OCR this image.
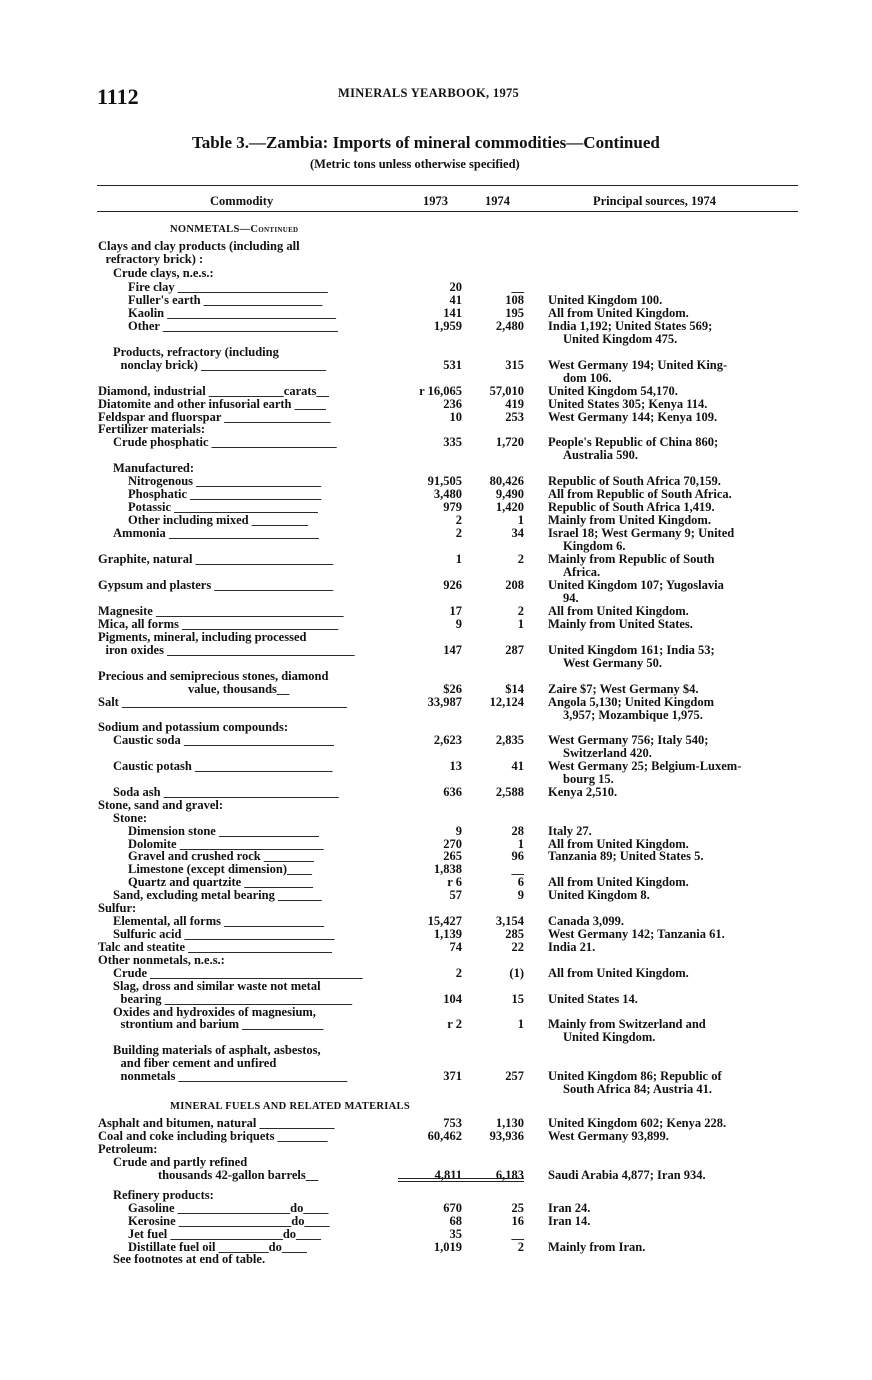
1112	MINERALS YEARBOOK, 1975
Table 3.—Zambia: Imports of mineral commodities—Continued
(Metric tons unless otherwise specified)
Commodity	1973	1974	Principal sources, 1974
NONMETALS—Continued
Clays and clay products (including all
refractory brick) :
Crude clays, n.e.s.:
Fire clay ________________________	20	__
Fuller's earth ___________________	41	108 United Kingdom 100.
Kaolin ___________________________	141	195 All from United Kingdom.
Other ____________________________	1,959	2,480 India 1,192; United States 569;
United Kingdom 475.
Products, refractory (including
nonclay brick) ____________________	531	315 West Germany 194; United King-
dom 106.
Diamond, industrial ____________carats__	r 16,065 57,010 United Kingdom 54,170.
Diatomite and other infusorial earth _____	236	419 United States 305; Kenya 114.
Feldspar and fluorspar _________________	10	253 West Germany 144; Kenya 109.
Fertilizer materials:
Crude phosphatic ____________________	335	1,720 People's Republic of China 860;
Australia 590.
Manufactured:
Nitrogenous ____________________	91,505 80,426 Republic of South Africa 70,159.
Phosphatic _____________________	3,480	9,490 All from Republic of South Africa.
Potassic _______________________	979	1,420 Republic of South Africa 1,419.
Other including mixed _________	2	1 Mainly from United Kingdom.
Ammonia ________________________	2	34 Israel 18; West Germany 9; United
Kingdom 6.
Graphite, natural ______________________	1	2 Mainly from Republic of South
Africa.
Gypsum and plasters ___________________	926	208 United Kingdom 107; Yugoslavia
94.
Magnesite ______________________________	17	2 All from United Kingdom.
Mica, all forms _________________________	9	1 Mainly from United States.
Pigments, mineral, including processed
iron oxides ______________________________	147	287 United Kingdom 161; India 53;
West Germany 50.
Precious and semiprecious stones, diamond
value, thousands__	$26	$14 Zaire $7; West Germany $4.
Salt ____________________________________	33,987 12,124 Angola 5,130; United Kingdom
3,957; Mozambique 1,975.
Sodium and potassium compounds:
Caustic soda ________________________	2,623	2,835 West Germany 756; Italy 540;
Switzerland 420.
Caustic potash ______________________	13	41 West Germany 25; Belgium-Luxem-
bourg 15.
Soda ash ____________________________	636	2,588 Kenya 2,510.
Stone, sand and gravel:
Stone:
Dimension stone ________________	9	28 Italy 27.
Dolomite _______________________	270	1 All from United Kingdom.
Gravel and crushed rock ________	265	96 Tanzania 89; United States 5.
Limestone (except dimension)____	1,838	__
Quartz and quartzite ___________	r 6	6 All from United Kingdom.
Sand, excluding metal bearing _______	57	9 United Kingdom 8.
Sulfur:
Elemental, all forms ________________	15,427	3,154 Canada 3,099.
Sulfuric acid ________________________	1,139	285 West Germany 142; Tanzania 61.
Talc and steatite _______________________	74	22 India 21.
Other nonmetals, n.e.s.:
Crude __________________________________	2	(1) All from United Kingdom.
Slag, dross and similar waste not metal
bearing ______________________________	104	15 United States 14.
Oxides and hydroxides of magnesium,
strontium and barium _____________	r 2	1 Mainly from Switzerland and
United Kingdom.
Building materials of asphalt, asbestos,
and fiber cement and unfired
nonmetals ___________________________	371	257 United Kingdom 86; Republic of
South Africa 84; Austria 41.
MINERAL FUELS AND RELATED MATERIALS
Asphalt and bitumen, natural ____________	753	1,130 United Kingdom 602; Kenya 228.
Coal and coke including briquets ________	60,462 93,936 West Germany 93,899.
Petroleum:
Crude and partly refined
thousands 42-gallon barrels__	4,811	6,183 Saudi Arabia 4,877; Iran 934.
Refinery products:
Gasoline __________________do____	670	25 Iran 24.
Kerosine __________________do____	68	16 Iran 14.
Jet fuel __________________do____	35	__
Distillate fuel oil ________do____	1,019	2 Mainly from Iran.
See footnotes at end of table.
